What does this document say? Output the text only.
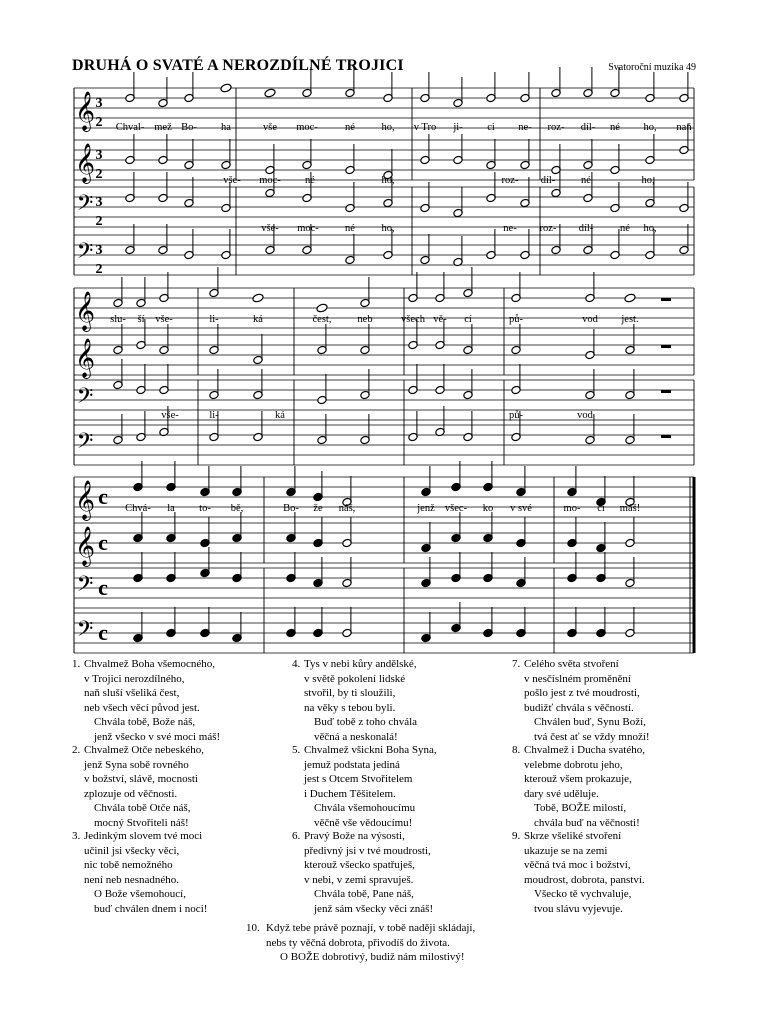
DRUHÁ O SVATÉ A NEROZDÍLNÉ TROJICI	Svatoroční muzika 49
𝄞
𝄞
𝄢
𝄢
3
2
3
2
3
2
3
2
Chval- mež Bo- ha	vše moc-	né	ho, v Tro ji- ci ne- roz- díl- né ho, naň
vše- moc- né	ho,	roz- díl- né	ho,
vše- moc-	né	ho,	ne- roz- díl-	né ho,
𝄞
𝄞
𝄢
𝄢
▬
slu- ší vše-	li-	ká	čest, neb	všech vě- cí	pů-	vod jest.
▬
▬
vše-	li-	ká	pů-	vod
▬
𝄞
𝄞
𝄢
𝄢
c
c
c
c
Chvá- la to- bě,	Bo- že náš,	jenž všec- ko v své	mo- ci máš!
1. Chvalmež Boha všemocného,
v Trojici nerozdílného,
naň sluší všeliká čest,
neb všech věcí původ jest.
Chvála tobě, Bože náš,
jenž všecko v své moci máš!
2. Chvalmež Otče nebeského,
jenž Syna sobě rovného
v božství, slávě, mocnosti
zplozuje od věčnosti.
Chvála tobě Otče náš,
mocný Stvořiteli náš!
3. Jedinkým slovem tvé moci
učinil jsi všecky věci,
nic tobě nemožného
není neb nesnadného.
O Bože všemohoucí,
buď chválen dnem i noci!
4. Tys v nebi kůry andělské,
v světě pokolení lidské
stvořil, by ti sloužili,
na věky s tebou byli.
Buď tobě z toho chvála
věčná a neskonalá!
5. Chvalmež všickni Boha Syna,
jemuž podstata jediná
jest s Otcem Stvořitelem
i Duchem Těšitelem.
Chvála všemohoucímu
věčně vše vědoucímu!
6. Pravý Bože na výsosti,
předivný jsi v tvé moudrosti,
kterouž všecko spatřuješ,
v nebi, v zemi spravuješ.
Chvála tobě, Pane náš,
jenž sám všecky věci znáš!
7. Celého světa stvoření
v nesčíslném proměnění
pošlo jest z tvé moudrosti,
budižť chvála s věčností.
Chválen buď, Synu Boží,
tvá čest ať se vždy množí!
8. Chvalmež i Ducha svatého,
velebme dobrotu jeho,
kterouž všem prokazuje,
dary své uděluje.
Tobě, BOŽE milostí,
chvála buď na věčnosti!
9. Skrze všeliké stvoření
ukazuje se na zemi
věčná tvá moc i božství,
moudrost, dobrota, panství.
Všecko tě vychvaluje,
tvou slávu vyjevuje.
10. Když tebe právě poznají, v tobě naději skládají,
nebs ty věčná dobrota, přivodíš do života.
O BOŽE dobrotivý, budiž nám milostivý!
